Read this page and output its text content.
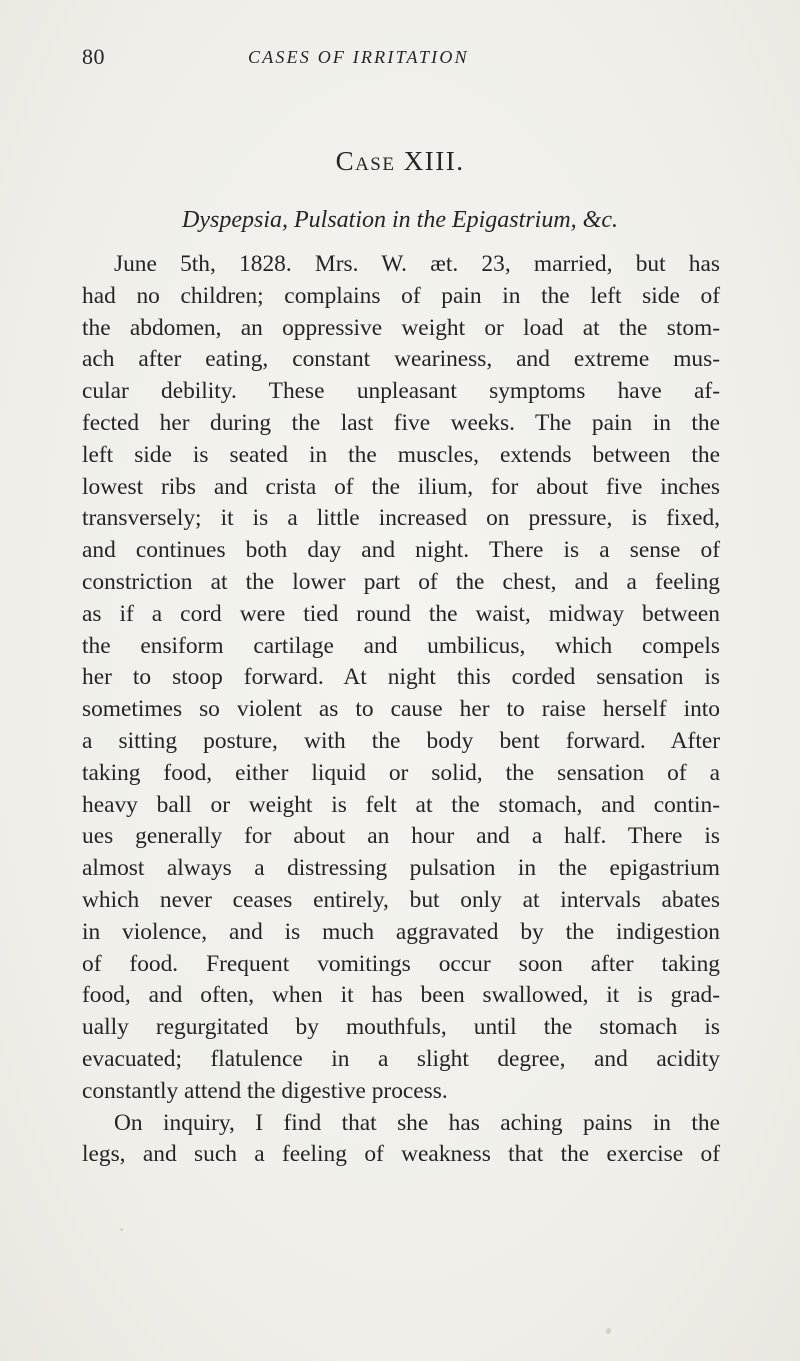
80	CASES OF IRRITATION
Case XIII.
Dyspepsia, Pulsation in the Epigastrium, &c.
June 5th, 1828. Mrs. W. æt. 23, married, but has
had no children; complains of pain in the left side of
the abdomen, an oppressive weight or load at the stom-
ach after eating, constant weariness, and extreme mus-
cular debility. These unpleasant symptoms have af-
fected her during the last five weeks. The pain in the
left side is seated in the muscles, extends between the
lowest ribs and crista of the ilium, for about five inches
transversely; it is a little increased on pressure, is fixed,
and continues both day and night. There is a sense of
constriction at the lower part of the chest, and a feeling
as if a cord were tied round the waist, midway between
the ensiform cartilage and umbilicus, which compels
her to stoop forward. At night this corded sensation is
sometimes so violent as to cause her to raise herself into
a sitting posture, with the body bent forward. After
taking food, either liquid or solid, the sensation of a
heavy ball or weight is felt at the stomach, and contin-
ues generally for about an hour and a half. There is
almost always a distressing pulsation in the epigastrium
which never ceases entirely, but only at intervals abates
in violence, and is much aggravated by the indigestion
of food. Frequent vomitings occur soon after taking
food, and often, when it has been swallowed, it is grad-
ually regurgitated by mouthfuls, until the stomach is
evacuated; flatulence in a slight degree, and acidity
constantly attend the digestive process.
On inquiry, I find that she has aching pains in the
legs, and such a feeling of weakness that the exercise of
